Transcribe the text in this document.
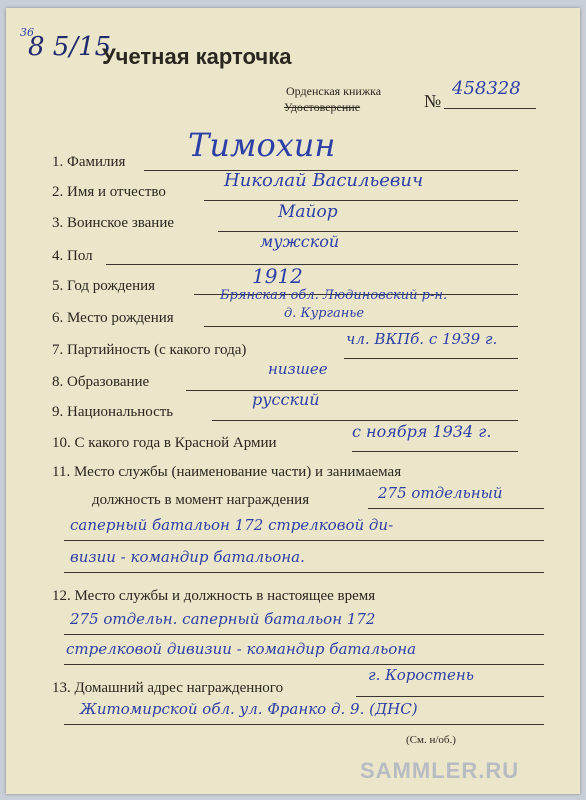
36
8 5/15
Учетная карточка
Орденская книжка
Удостоверение	№
458328
1. Фамилия Тимохин
2. Имя и отчество
Николай Васильевич
3. Воинское звание
Майор
4. Пол
мужской
5. Год рождения	1912
6. Место рождения
Брянская обл. Людиновский р-н.
д. Курганье
7. Партийность (с какого года)
чл. ВКПб. с 1939 г.
8. Образование
низшее
9. Национальность
русский
10. С какого года в Красной Армии
с ноября 1934 г.
11. Место службы (наименование части) и занимаемая
должность в момент награждения	275 отдельный
саперный батальон 172 стрелковой ди-
визии - командир батальона.
12. Место службы и должность в настоящее время
275 отдельн. саперный батальон 172
стрелковой дивизии - командир батальона
13. Домашний адрес награжденного
г. Коростень
Житомирской обл. ул. Франко д. 9. (ДНС)
(См. н/об.)
SAMMLER.RU
